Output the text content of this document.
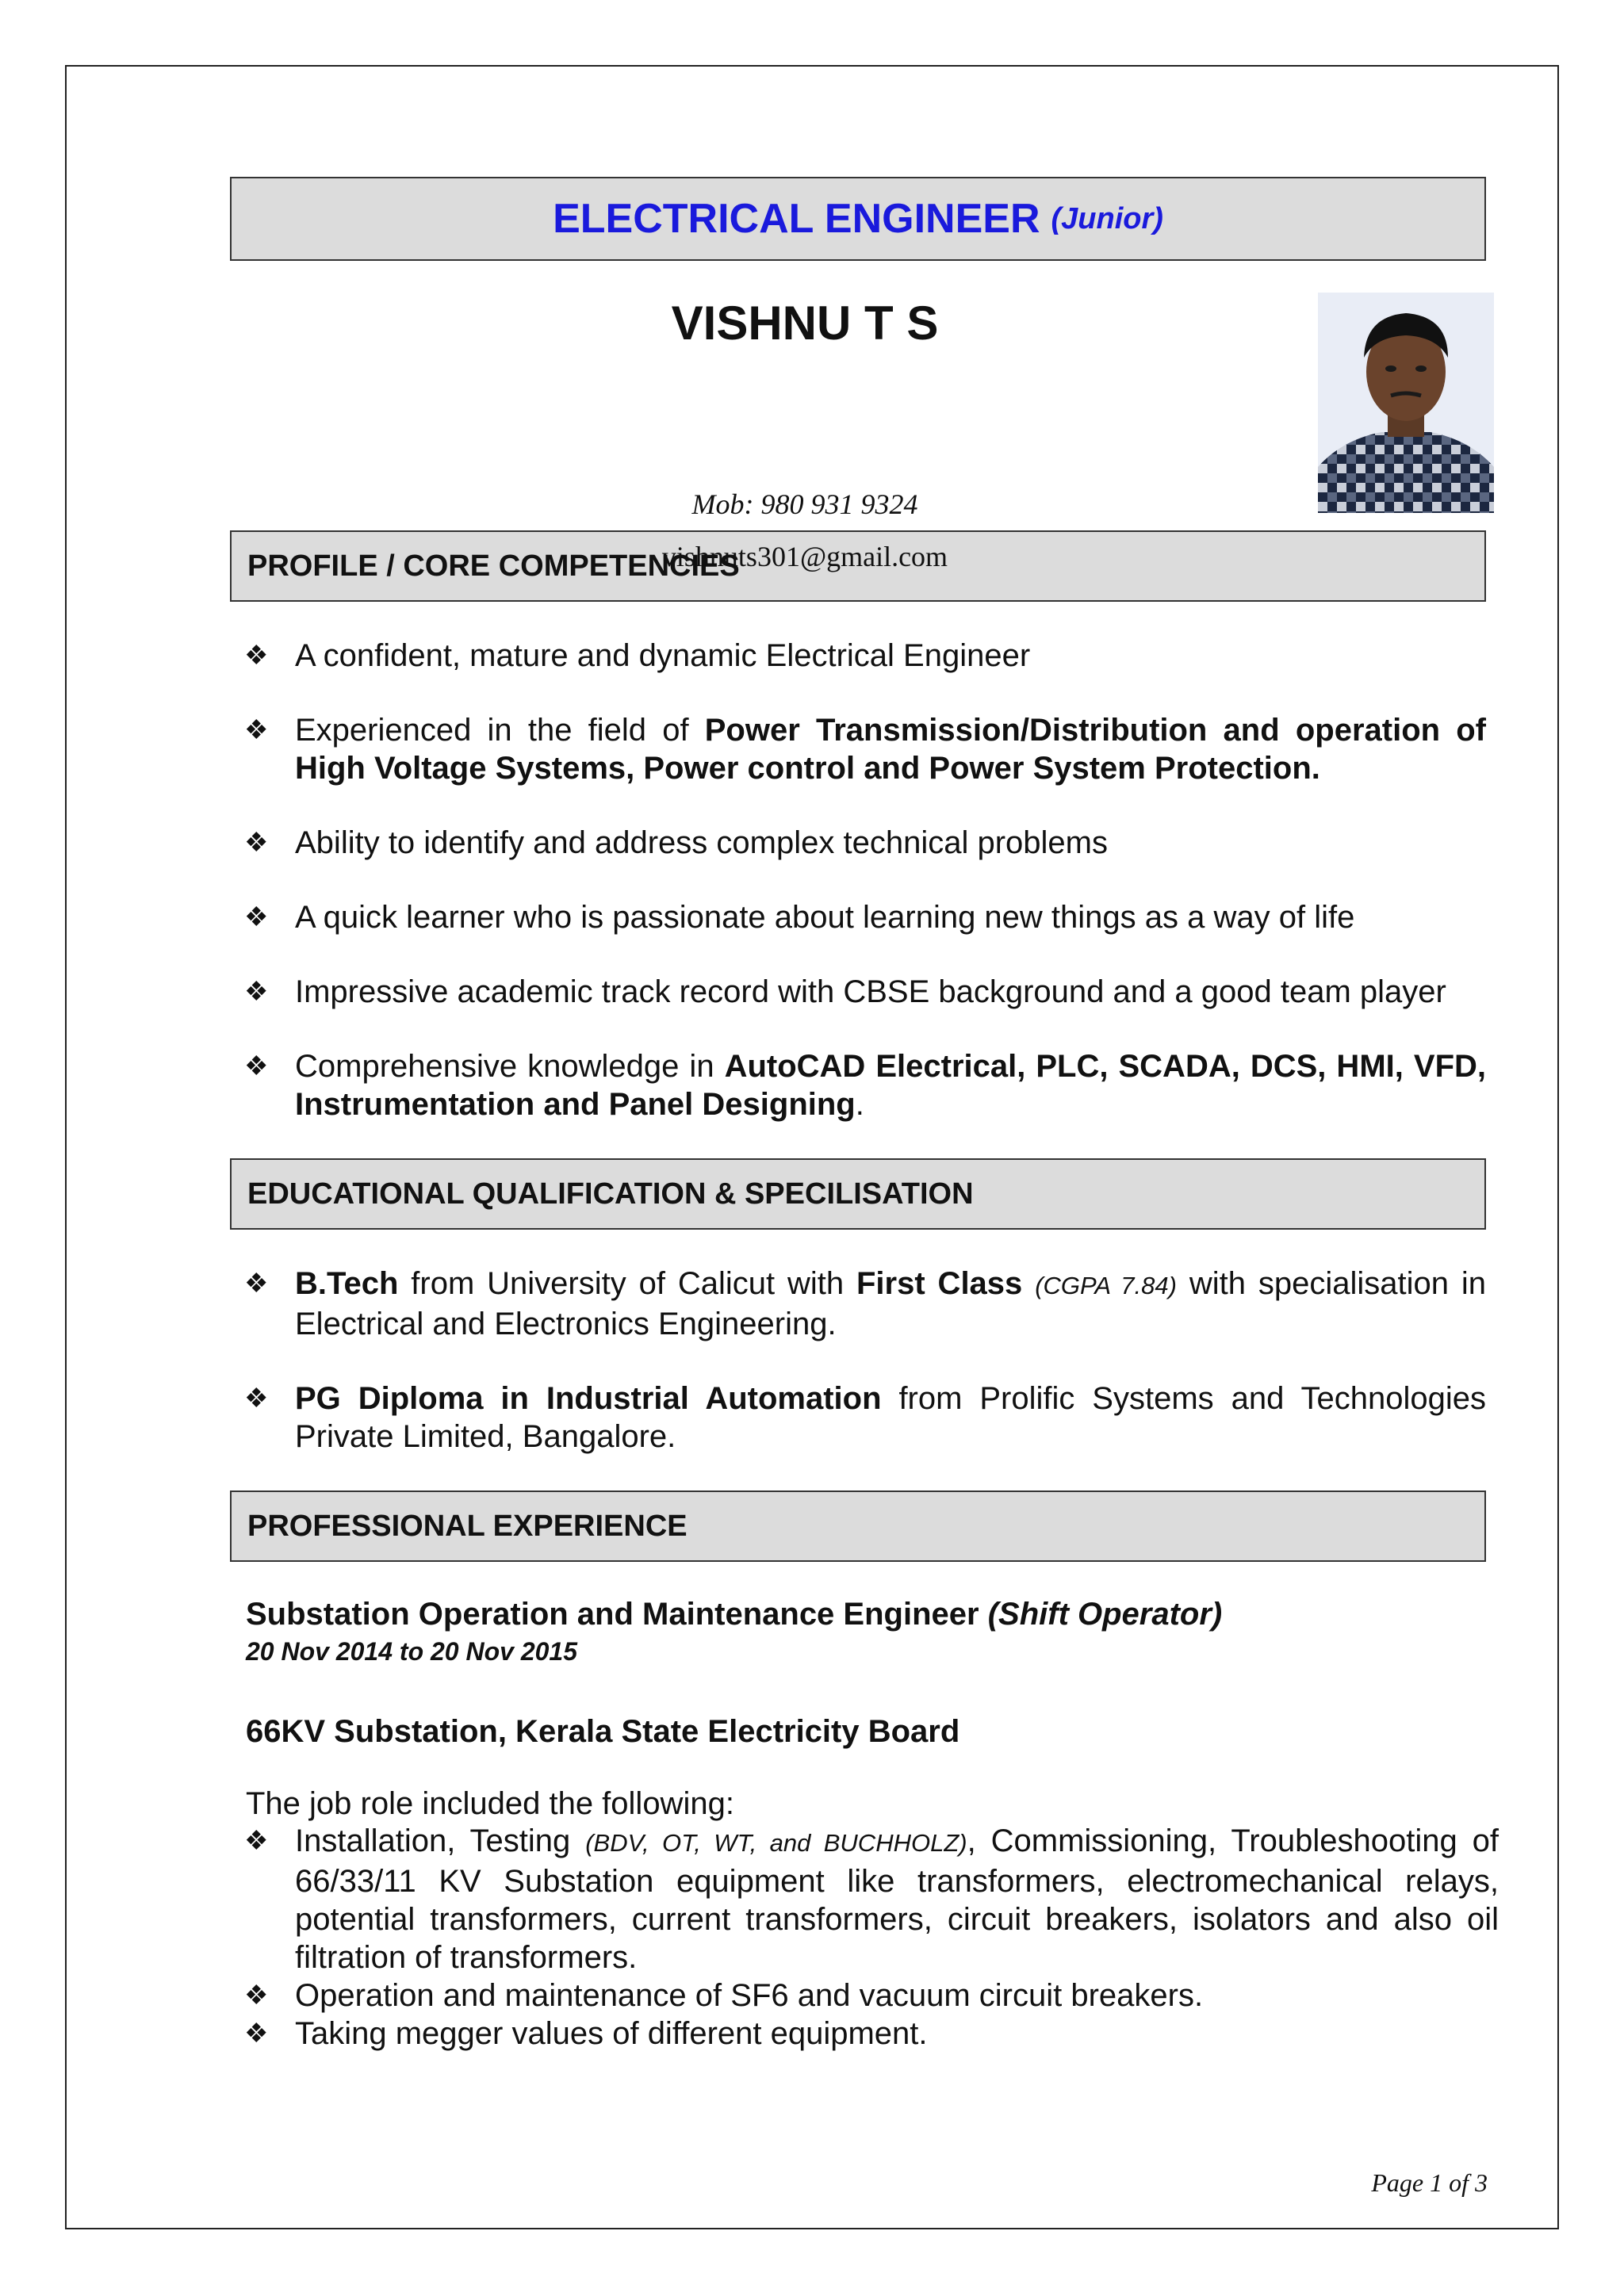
ELECTRICAL ENGINEER (Junior)
VISHNU T S
Mob: 980 931 9324
vishnuts301@gmail.com
PROFILE / CORE COMPETENCIES
❖ A confident, mature and dynamic Electrical Engineer
❖ Experienced in the field of Power Transmission/Distribution and operation of High Voltage Systems, Power control and Power System Protection.
❖ Ability to identify and address complex technical problems
❖ A quick learner who is passionate about learning new things as a way of life
❖ Impressive academic track record with CBSE background and a good team player
❖ Comprehensive knowledge in AutoCAD Electrical, PLC, SCADA, DCS, HMI, VFD, Instrumentation and Panel Designing.
EDUCATIONAL QUALIFICATION & SPECILISATION
❖ B.Tech from University of Calicut with First Class (CGPA 7.84) with specialisation in Electrical and Electronics Engineering.
❖ PG Diploma in Industrial Automation from Prolific Systems and Technologies Private Limited, Bangalore.
PROFESSIONAL EXPERIENCE
Substation Operation and Maintenance Engineer (Shift Operator)
20 Nov 2014 to 20 Nov 2015
66KV Substation, Kerala State Electricity Board
The job role included the following:
❖ Installation, Testing (BDV, OT, WT, and BUCHHOLZ), Commissioning, Troubleshooting of 66/33/11 KV Substation equipment like transformers, electromechanical relays, potential transformers, current transformers, circuit breakers, isolators and also oil filtration of transformers.
❖ Operation and maintenance of SF6 and vacuum circuit breakers.
❖ Taking megger values of different equipment.
Page 1 of 3
